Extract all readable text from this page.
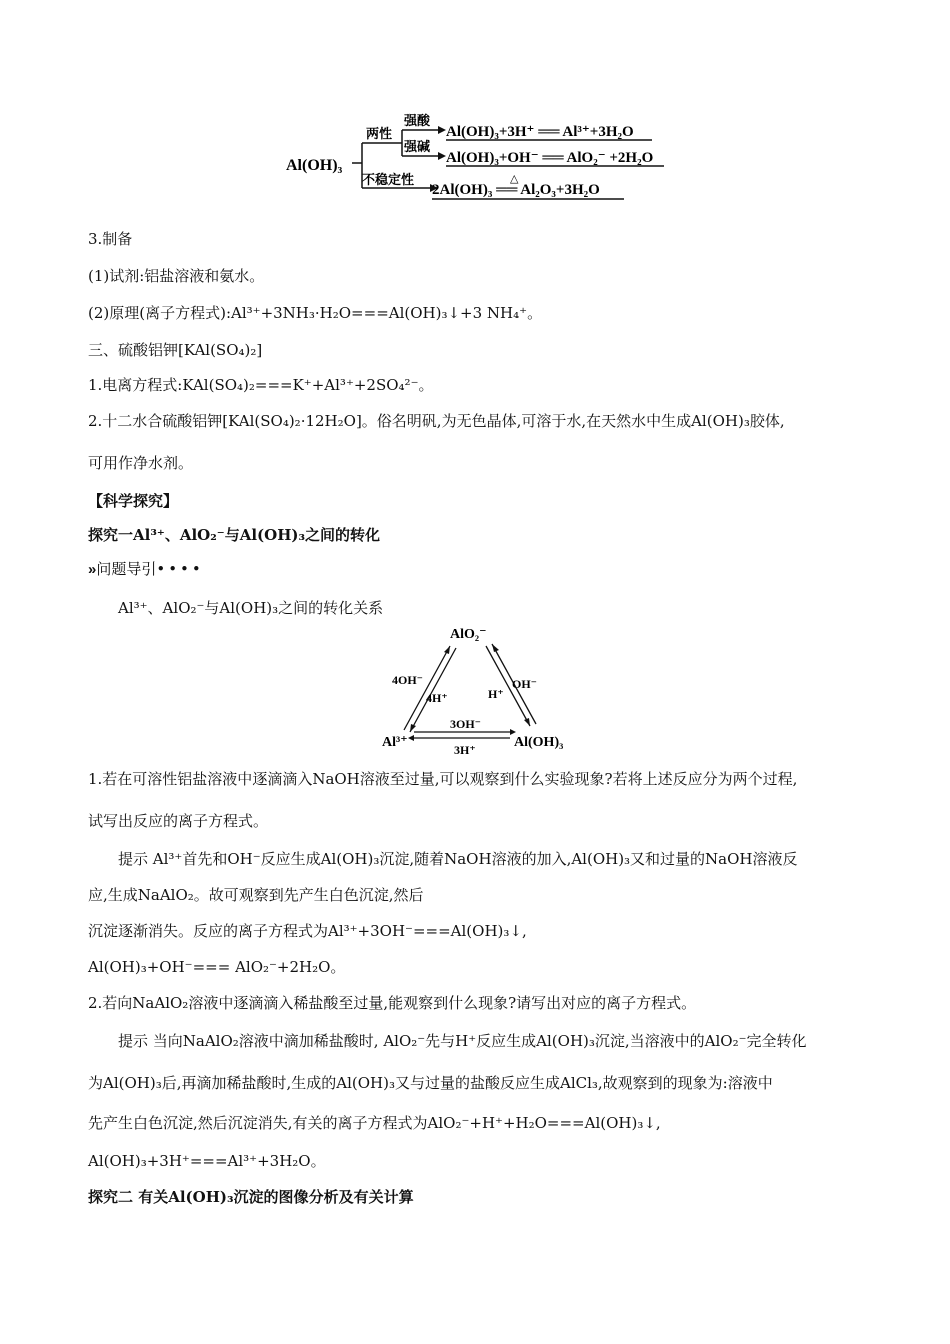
Al(OH)₃
两性
强酸
强碱
不稳定性
Al(OH)₃+3H⁺ ══ Al³⁺+3H₂O
Al(OH)₃+OH⁻ ══ AlO₂⁻ +2H₂O
△
2Al(OH)₃ ══ Al₂O₃+3H₂O
3.制备
(1)试剂:铝盐溶液和氨水。
(2)原理(离子方程式):Al³⁺+3NH₃·H₂O===Al(OH)₃↓+3 NH₄⁺。
三、硫酸铝钾[KAl(SO₄)₂]
1.电离方程式:KAl(SO₄)₂===K⁺+Al³⁺+2SO₄²⁻。
2.十二水合硫酸铝钾[KAl(SO₄)₂·12H₂O]。俗名明矾,为无色晶体,可溶于水,在天然水中生成Al(OH)₃胶体,
可用作净水剂。
【科学探究】
探究一Al³⁺、AlO₂⁻与Al(OH)₃之间的转化
»问题导引••••
Al³⁺、AlO₂⁻与Al(OH)₃之间的转化关系
AlO₂⁻
Al³⁺	Al(OH)₃
4OH⁻
4H⁺
OH⁻
H⁺
3OH⁻
3H⁺
1.若在可溶性铝盐溶液中逐滴滴入NaOH溶液至过量,可以观察到什么实验现象?若将上述反应分为两个过程,
试写出反应的离子方程式。
提示 Al³⁺首先和OH⁻反应生成Al(OH)₃沉淀,随着NaOH溶液的加入,Al(OH)₃又和过量的NaOH溶液反
应,生成NaAlO₂。故可观察到先产生白色沉淀,然后
沉淀逐渐消失。反应的离子方程式为Al³⁺+3OH⁻===Al(OH)₃↓,
Al(OH)₃+OH⁻=== AlO₂⁻+2H₂O。
2.若向NaAlO₂溶液中逐滴滴入稀盐酸至过量,能观察到什么现象?请写出对应的离子方程式。
提示 当向NaAlO₂溶液中滴加稀盐酸时, AlO₂⁻先与H⁺反应生成Al(OH)₃沉淀,当溶液中的AlO₂⁻完全转化
为Al(OH)₃后,再滴加稀盐酸时,生成的Al(OH)₃又与过量的盐酸反应生成AlCl₃,故观察到的现象为:溶液中
先产生白色沉淀,然后沉淀消失,有关的离子方程式为AlO₂⁻+H⁺+H₂O===Al(OH)₃↓,
Al(OH)₃+3H⁺===Al³⁺+3H₂O。
探究二 有关Al(OH)₃沉淀的图像分析及有关计算
